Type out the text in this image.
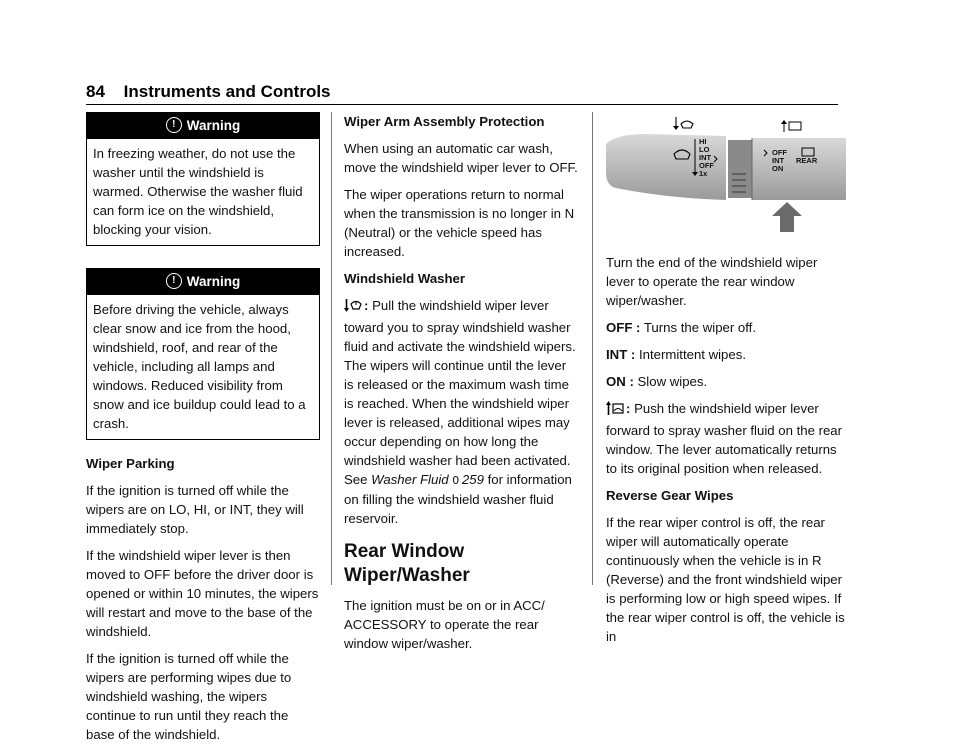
84 Instruments and Controls
! Warning
In freezing weather, do not use the washer until the windshield is warmed. Otherwise the washer fluid can form ice on the windshield, blocking your vision.
! Warning
Before driving the vehicle, always clear snow and ice from the hood, windshield, roof, and rear of the vehicle, including all lamps and windows. Reduced visibility from snow and ice buildup could lead to a crash.

Wiper Parking

If the ignition is turned off while the wipers are on LO, HI, or INT, they will immediately stop.

If the windshield wiper lever is then moved to OFF before the driver door is opened or within 10 minutes, the wipers will restart and move to the base of the windshield.

If the ignition is turned off while the wipers are performing wipes due to windshield washing, the wipers continue to run until they reach the base of the windshield.

Wiper Arm Assembly Protection

When using an automatic car wash, move the windshield wiper lever to OFF.

The wiper operations return to normal when the transmission is no longer in N (Neutral) or the vehicle speed has increased.

Windshield Washer

: Pull the windshield wiper lever toward you to spray windshield washer fluid and activate the windshield wipers. The wipers will continue until the lever is released or the maximum wash time is reached. When the windshield wiper lever is released, additional wipes may occur depending on how long the windshield washer had been activated. See Washer Fluid 0  259 for information on filling the windshield washer fluid reservoir.

Rear Window Wiper/Washer

The ignition must be on or in ACC/ ACCESSORY to operate the rear window wiper/washer.

HI
LO
INT
OFF
1x
OFF
INT
ON
REAR

Turn the end of the windshield wiper lever to operate the rear window wiper/washer.

OFF : Turns the wiper off.

INT : Intermittent wipes.

ON : Slow wipes.

: Push the windshield wiper lever forward to spray washer fluid on the rear window. The lever automatically returns to its original position when released.

Reverse Gear Wipes

If the rear wiper control is off, the rear wiper will automatically operate continuously when the vehicle is in R (Reverse) and the front windshield wiper is performing low or high speed wipes. If the rear wiper control is off, the vehicle is in
